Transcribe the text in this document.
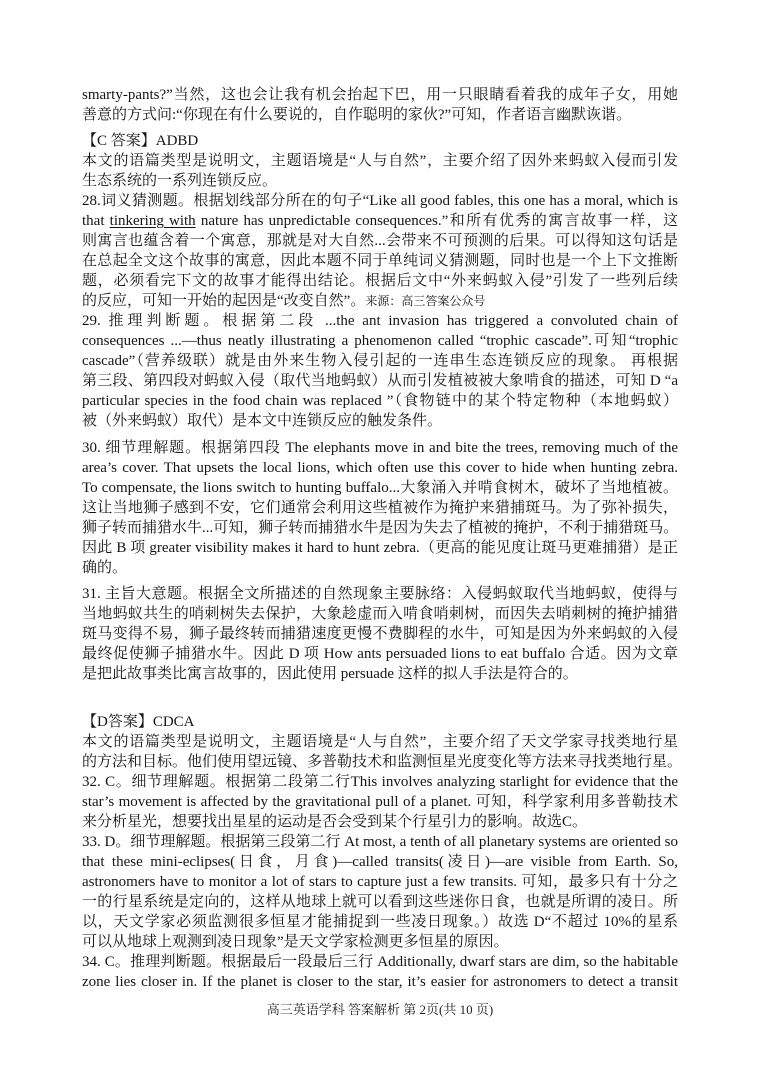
smarty-pants?”当然，这也会让我有机会抬起下巴，用一只眼睛看着我的成年子女，用她
善意的方式问:“你现在有什么要说的，自作聪明的家伙?”可知，作者语言幽默诙谐。
【C 答案】ADBD
本文的语篇类型是说明文，主题语境是“人与自然”，主要介绍了因外来蚂蚁入侵而引发
生态系统的一系列连锁反应。
28.词义猜测题。根据划线部分所在的句子“Like all good fables, this one has a moral, which is
that tinkering with nature has unpredictable consequences.”和所有优秀的寓言故事一样，这
则寓言也蕴含着一个寓意，那就是对大自然...会带来不可预测的后果。可以得知这句话是
在总起全文这个故事的寓意，因此本题不同于单纯词义猜测题，同时也是一个上下文推断
题，必须看完下文的故事才能得出结论。根据后文中“外来蚂蚁入侵”引发了一些列后续
的反应，可知一开始的起因是“改变自然”。来源：高三答案公众号
29. 推理判断题。根据第二段 ...the ant invasion has triggered a convoluted chain of
consequences ...—thus neatly illustrating a phenomenon called “trophic cascade”.可知“trophic
cascade”（营养级联）就是由外来生物入侵引起的一连串生态连锁反应的现象。 再根据
第三段、第四段对蚂蚁入侵（取代当地蚂蚁）从而引发植被被大象啃食的描述，可知 D “a
particular species in the food chain was replaced ”（食物链中的某个特定物种（本地蚂蚁）
被（外来蚂蚁）取代）是本文中连锁反应的触发条件。
30. 细节理解题。根据第四段 The elephants move in and bite the trees, removing much of the
area’s cover. That upsets the local lions, which often use this cover to hide when hunting zebra.
To compensate, the lions switch to hunting buffalo...大象涌入并啃食树木，破坏了当地植被。
这让当地狮子感到不安，它们通常会利用这些植被作为掩护来猎捕斑马。为了弥补损失，
狮子转而捕猎水牛...可知，狮子转而捕猎水牛是因为失去了植被的掩护，不利于捕猎斑马。
因此 B 项 greater visibility makes it hard to hunt zebra.（更高的能见度让斑马更难捕猎）是正
确的。
31. 主旨大意题。根据全文所描述的自然现象主要脉络：入侵蚂蚁取代当地蚂蚁，使得与
当地蚂蚁共生的哨刺树失去保护，大象趁虚而入啃食哨刺树，而因失去哨刺树的掩护捕猎
斑马变得不易，狮子最终转而捕猎速度更慢不费脚程的水牛，可知是因为外来蚂蚁的入侵
最终促使狮子捕猎水牛。因此 D 项 How ants persuaded lions to eat buffalo 合适。因为文章
是把此故事类比寓言故事的，因此使用 persuade 这样的拟人手法是符合的。
【D答案】CDCA
本文的语篇类型是说明文，主题语境是“人与自然”，主要介绍了天文学家寻找类地行星
的方法和目标。他们使用望远镜、多普勒技术和监测恒星光度变化等方法来寻找类地行星。
32. C。细节理解题。根据第二段第二行This involves analyzing starlight for evidence that the
star’s movement is affected by the gravitational pull of a planet. 可知，科学家利用多普勒技术
来分析星光，想要找出星星的运动是否会受到某个行星引力的影响。故选C。
33. D。细节理解题。根据第三段第二行 At most, a tenth of all planetary systems are oriented so
that these mini-eclipses(日食，月食)—called transits(凌日)—are visible from Earth. So,
astronomers have to monitor a lot of stars to capture just a few transits. 可知，最多只有十分之
一的行星系统是定向的，这样从地球上就可以看到这些迷你日食，也就是所谓的凌日。所
以，天文学家必须监测很多恒星才能捕捉到一些凌日现象。）故选 D“不超过 10%的星系
可以从地球上观测到凌日现象”是天文学家检测更多恒星的原因。
34. C。推理判断题。根据最后一段最后三行 Additionally, dwarf stars are dim, so the habitable
zone lies closer in. If the planet is closer to the star, it’s easier for astronomers to detect a transit
高三英语学科 答案解析 第 2页(共 10 页)
